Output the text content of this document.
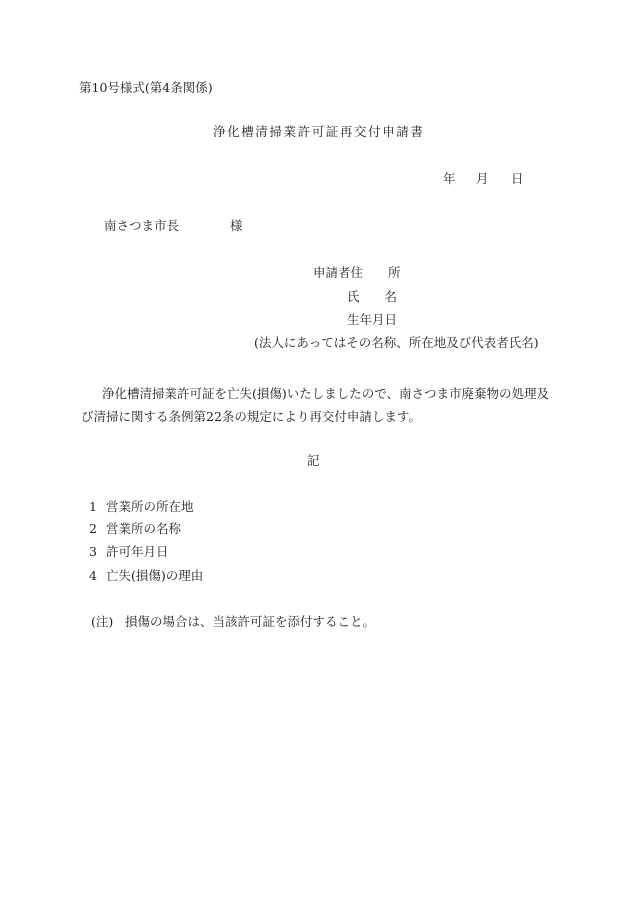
第10号様式(第4条関係)
浄化槽清掃業許可証再交付申請書
年 月 日
南さつま市長	様
申請者住　　所
氏　　名
生年月日
(法人にあってはその名称、所在地及び代表者氏名)
浄化槽清掃業許可証を亡失(損傷)いたしましたので、南さつま市廃棄物の処理及び清掃に関する条例第22条の規定により再交付申請します。
記
1 営業所の所在地
2 営業所の名称
3 許可年月日
4 亡失(損傷)の理由
(注) 損傷の場合は、当該許可証を添付すること。
